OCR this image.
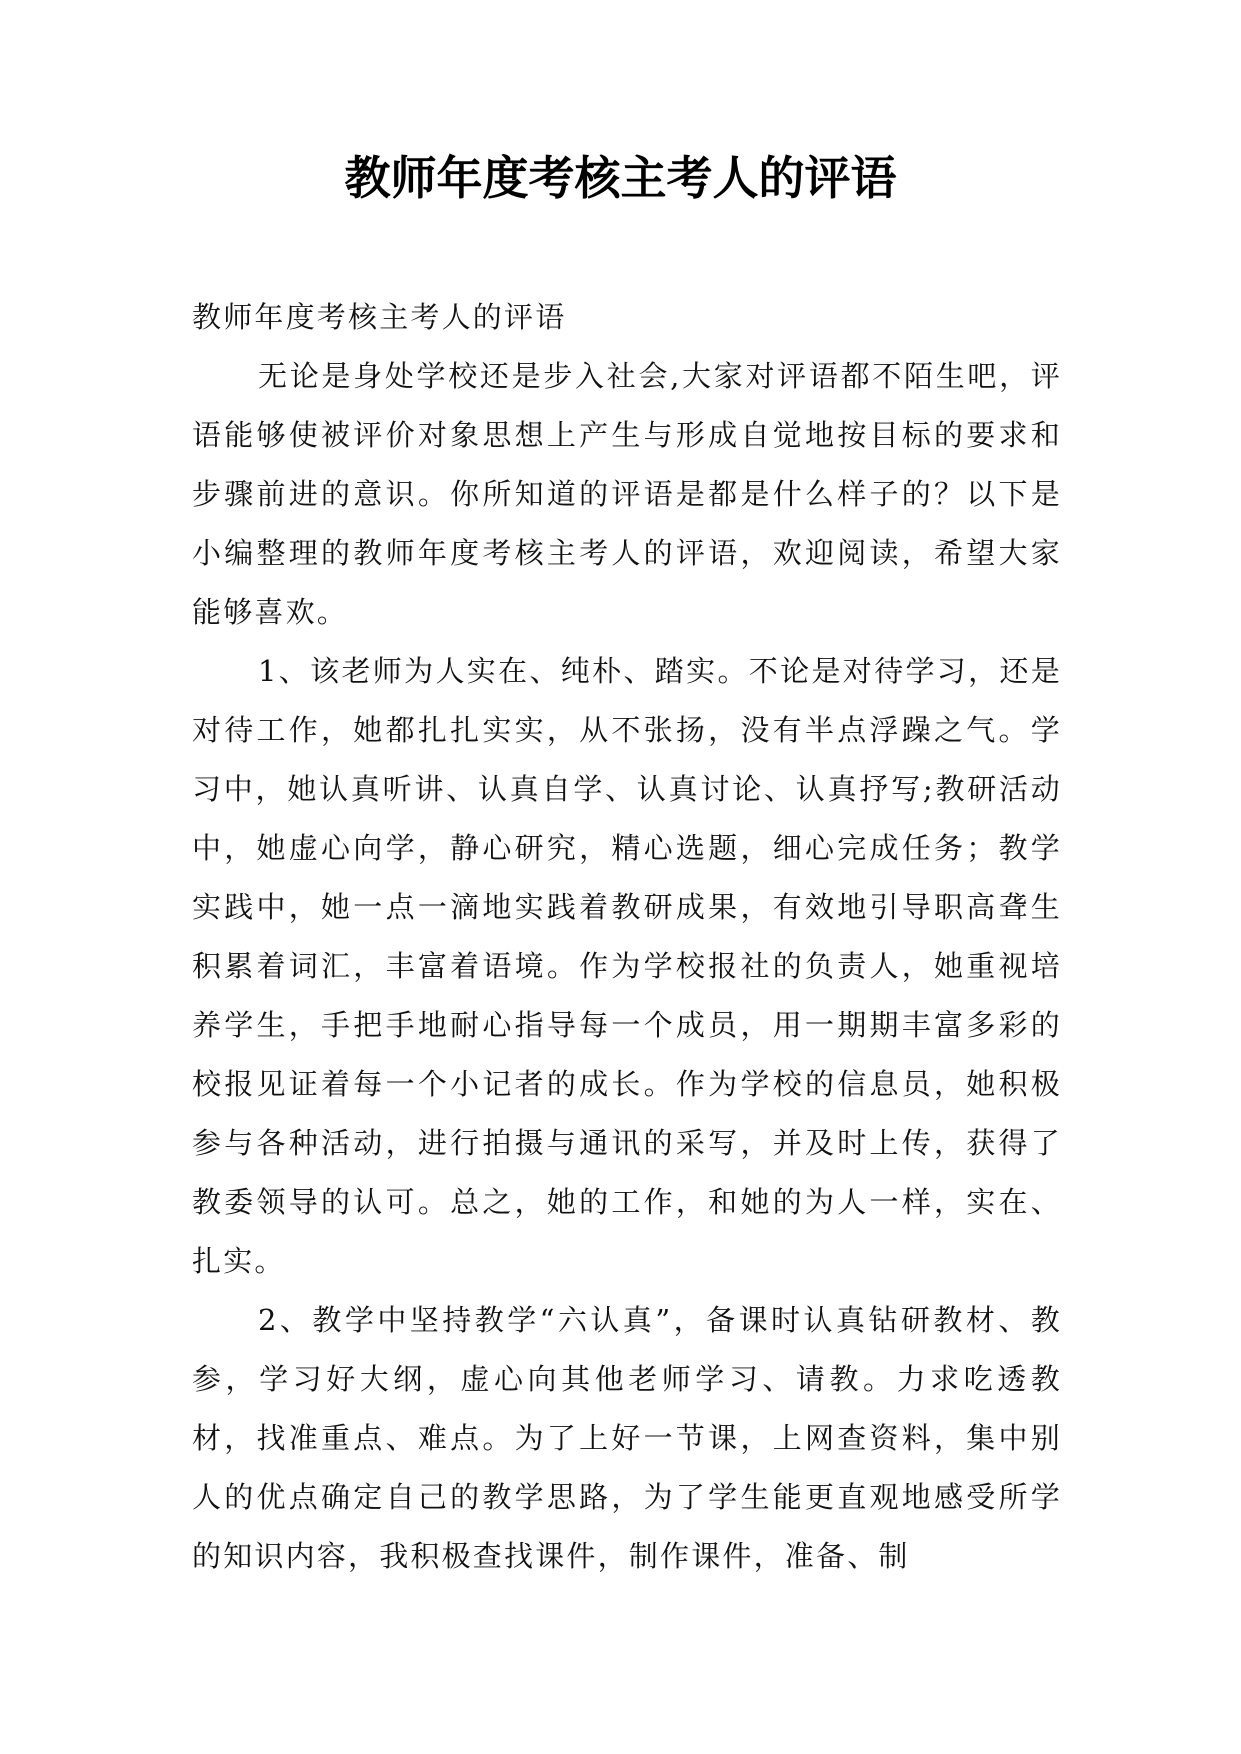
教师年度考核主考人的评语

教师年度考核主考人的评语

无论是身处学校还是步入社会,大家对评语都不陌生吧，评语能够使被评价对象思想上产生与形成自觉地按目标的要求和步骤前进的意识。你所知道的评语是都是什么样子的？以下是小编整理的教师年度考核主考人的评语，欢迎阅读，希望大家能够喜欢。

1、该老师为人实在、纯朴、踏实。不论是对待学习，还是对待工作，她都扎扎实实，从不张扬，没有半点浮躁之气。学习中，她认真听讲、认真自学、认真讨论、认真抒写;教研活动中，她虚心向学，静心研究，精心选题，细心完成任务；教学实践中，她一点一滴地实践着教研成果，有效地引导职高聋生积累着词汇，丰富着语境。作为学校报社的负责人，她重视培养学生，手把手地耐心指导每一个成员，用一期期丰富多彩的校报见证着每一个小记者的成长。作为学校的信息员，她积极参与各种活动，进行拍摄与通讯的采写，并及时上传，获得了教委领导的认可。总之，她的工作，和她的为人一样，实在、扎实。

2、教学中坚持教学“六认真”，备课时认真钻研教材、教参，学习好大纲，虚心向其他老师学习、请教。力求吃透教材，找准重点、难点。为了上好一节课，上网查资料，集中别人的优点确定自己的教学思路，为了学生能更直观地感受所学的知识内容，我积极查找课件，制作课件，准备、制
